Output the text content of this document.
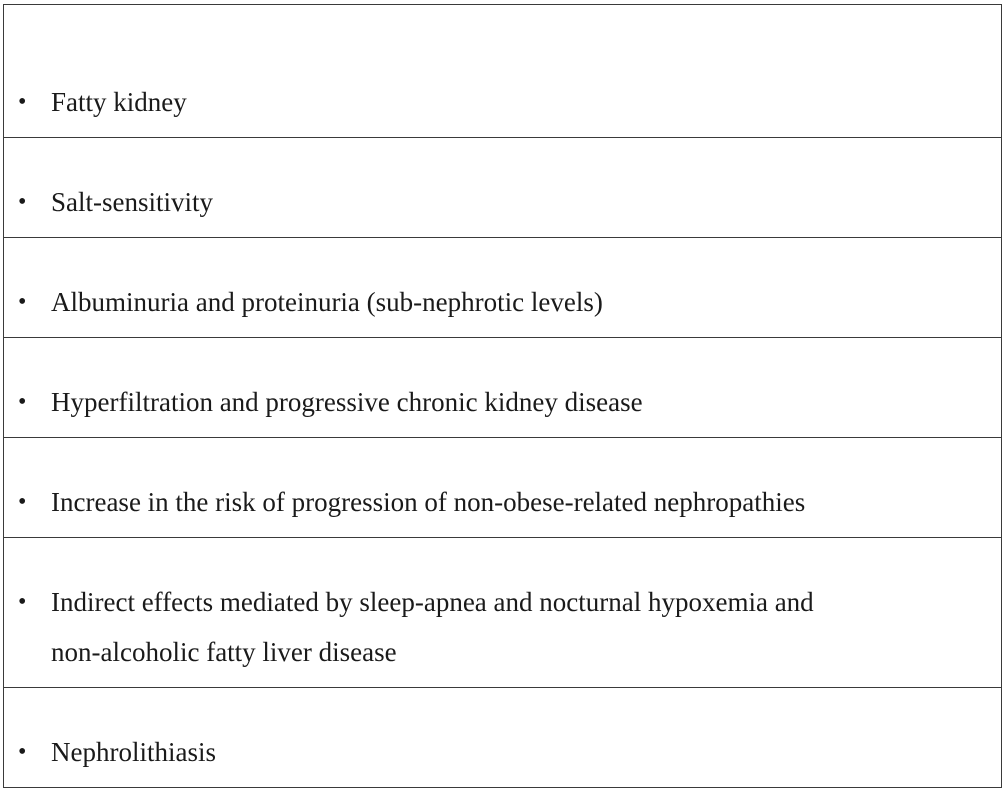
• Fatty kidney
• Salt-sensitivity
• Albuminuria and proteinuria (sub-nephrotic levels)
• Hyperfiltration and progressive chronic kidney disease
• Increase in the risk of progression of non-obese-related nephropathies
• Indirect effects mediated by sleep-apnea and nocturnal hypoxemia and
non-alcoholic fatty liver disease
• Nephrolithiasis
